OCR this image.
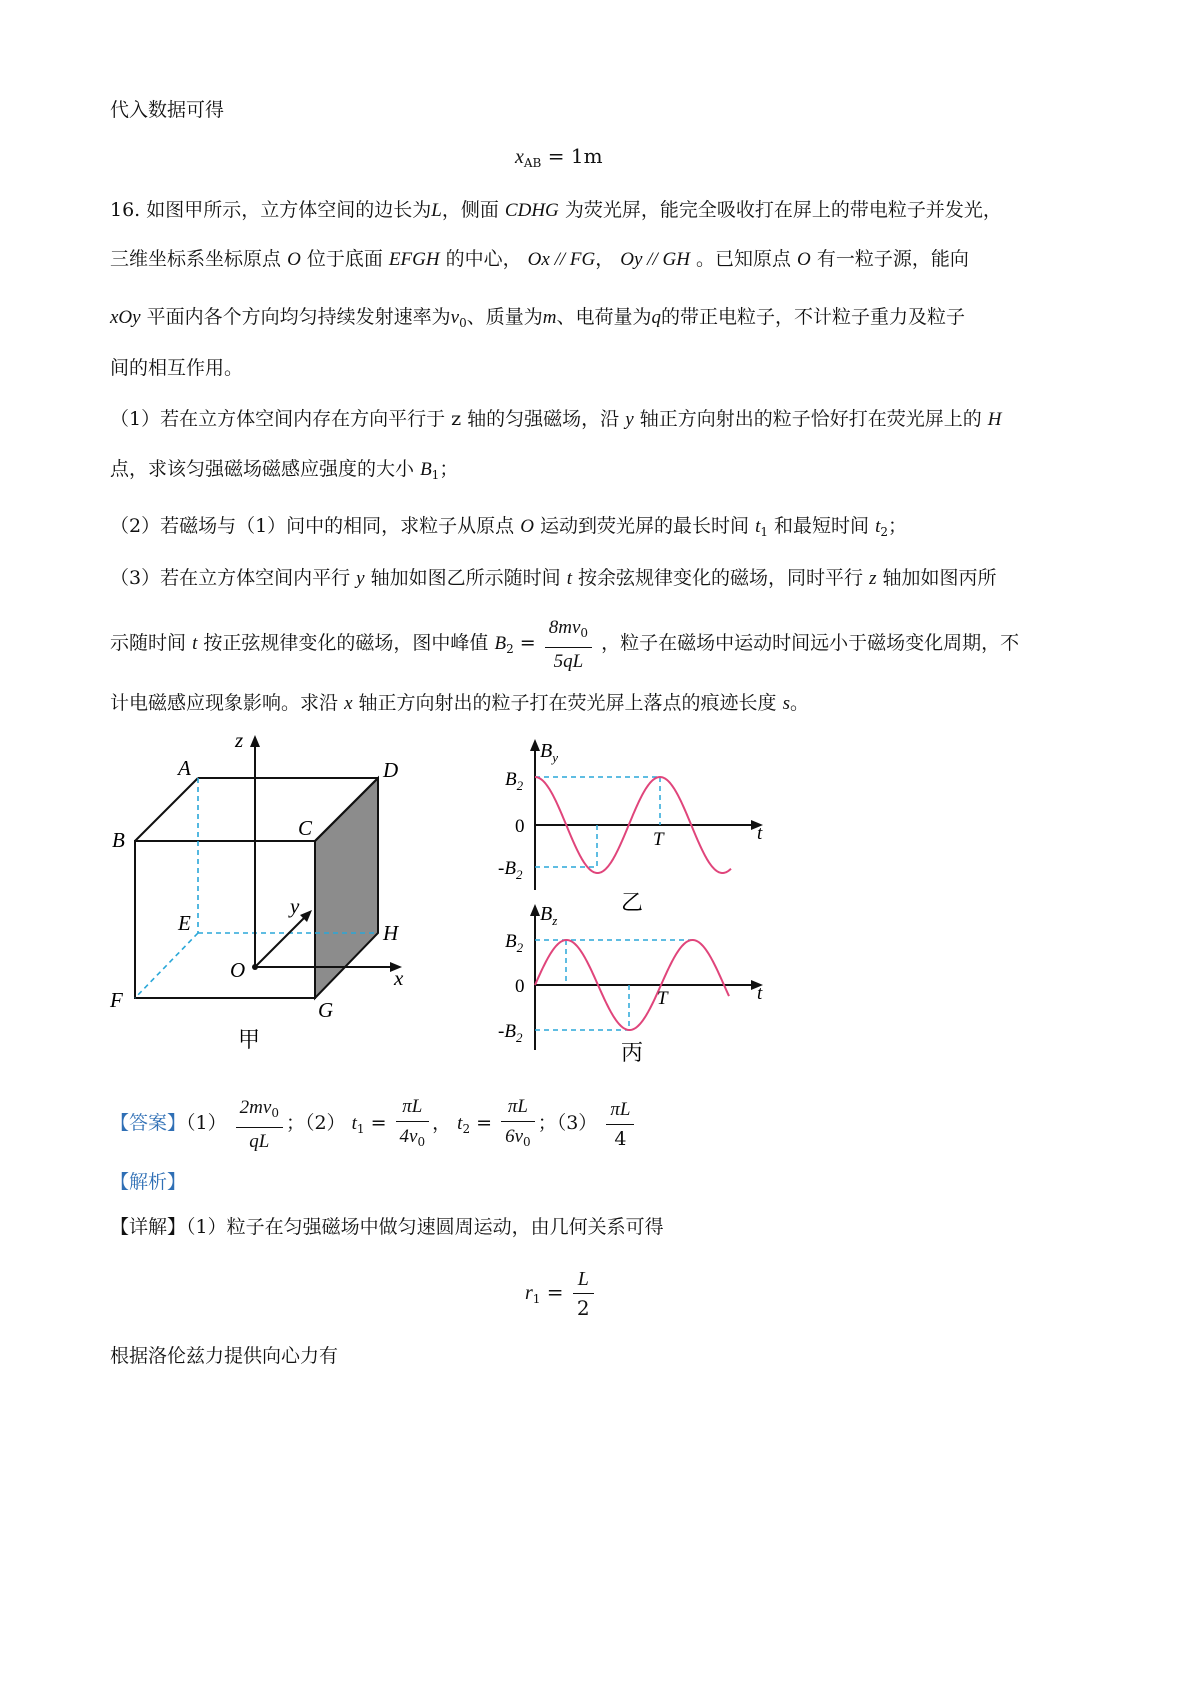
代入数据可得
$x_{AB} = 1m$
16. 如图甲所示，立方体空间的边长为L，侧面 CDHG 为荧光屏，能完全吸收打在屏上的带电粒子并发光，
三维坐标系坐标原点 O 位于底面 EFGH 的中心， Ox // FG， Oy // GH 。已知原点 O 有一粒子源，能向
xOy 平面内各个方向均匀持续发射速率为$v_0$、质量为m、电荷量为q的带正电粒子，不计粒子重力及粒子
间的相互作用。
（1）若在立方体空间内存在方向平行于 z 轴的匀强磁场，沿 y 轴正方向射出的粒子恰好打在荧光屏上的 H
点，求该匀强磁场磁感应强度的大小 $B_1$；
（2）若磁场与（1）问中的相同，求粒子从原点 O 运动到荧光屏的最长时间 $t_1$ 和最短时间 $t_2$；
（3）若在立方体空间内平行 y 轴加如图乙所示随时间 t 按余弦规律变化的磁场，同时平行 z 轴加如图丙所
示随时间 t 按正弦规律变化的磁场，图中峰值 $B_2 = \frac{8mv_0}{5qL}$ ，粒子在磁场中运动时间远小于磁场变化周期，不
计电磁感应现象影响。求沿 x 轴正方向射出的粒子打在荧光屏上落点的痕迹长度 s。
A	D
B	C
E	H
F	G
O	x
y
z
甲
$B_y$
$B_2$
0
$-B_2$
T	t
乙
$B_z$
$B_2$
0
$-B_2$
T	t
丙
【答案】$(1) \frac{2mv_0}{qL}$ ；（2） $t_1 = \frac{\pi L}{4v_0}$ ， $t_2 = \frac{\pi L}{6v_0}$ ；$(3) \frac{\pi L}{4}$
【解析】
【详解】（1）粒子在匀强磁场中做匀速圆周运动，由几何关系可得
$r_1 = \frac{L}{2}$
根据洛伦兹力提供向心力有
